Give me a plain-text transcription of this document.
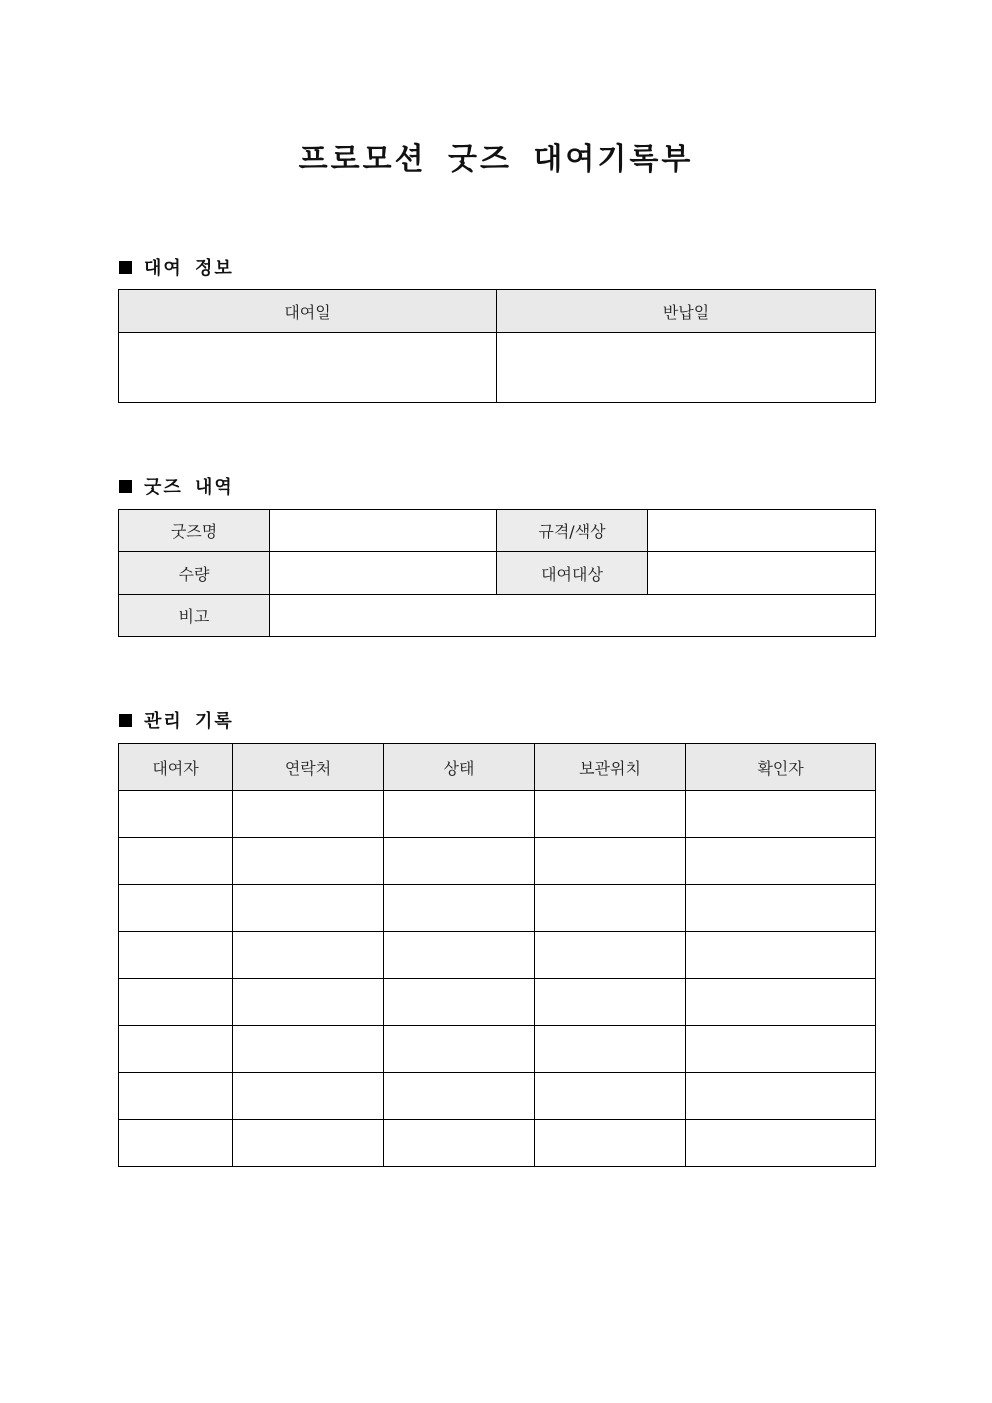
프로모션 굿즈 대여기록부
대여 정보
대여일	반납일

굿즈 내역
굿즈명		규격/색상	
수량		대여대상	
비고			
관리 기록
대여자	연락처	상태	보관위치	확인자
